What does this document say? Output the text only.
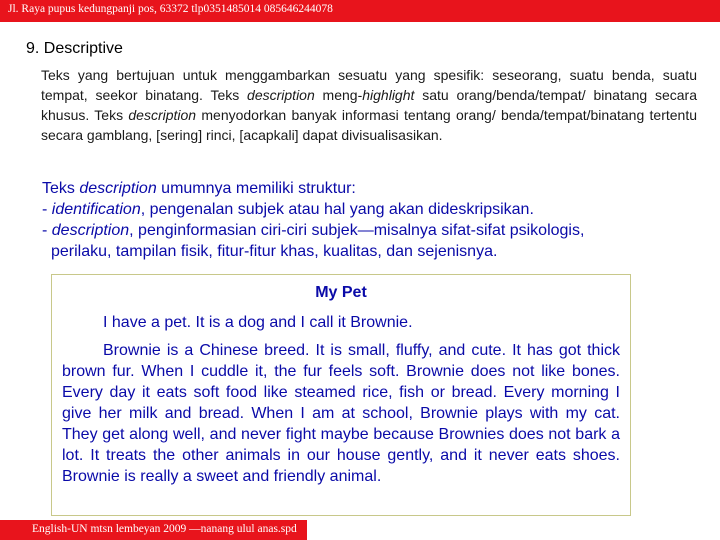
Jl. Raya pupus kedungpanji pos, 63372 tlp0351485014 085646244078
9. Descriptive

Teks yang bertujuan untuk menggambarkan sesuatu yang spesifik: seseorang, suatu benda, suatu tempat, seekor binatang. Teks description meng-highlight satu orang/benda/tempat/ binatang secara khusus. Teks description menyodorkan banyak informasi tentang orang/ benda/tempat/binatang tertentu secara gamblang, [sering] rinci, [acapkali] dapat divisualisasikan.

Teks description umumnya memiliki struktur:
- identification, pengenalan subjek atau hal yang akan dideskripsikan.
- description, penginformasian ciri-ciri subjek—misalnya sifat-sifat psikologis,
perilaku, tampilan fisik, fitur-fitur khas, kualitas, dan sejenisnya.
My Pet
I have a pet. It is a dog and I call it Brownie.

Brownie is a Chinese breed. It is small, fluffy, and cute. It has got thick brown fur. When I cuddle it, the fur feels soft. Brownie does not like bones. Every day it eats soft food like steamed rice, fish or bread. Every morning I give her milk and bread. When I am at school, Brownie plays with my cat. They get along well, and never fight maybe because Brownies does not bark a lot. It treats the other animals in our house gently, and it never eats shoes. Brownie is really a sweet and friendly animal.

English-UN mtsn lembeyan 2009 —nanang ulul anas.spd
